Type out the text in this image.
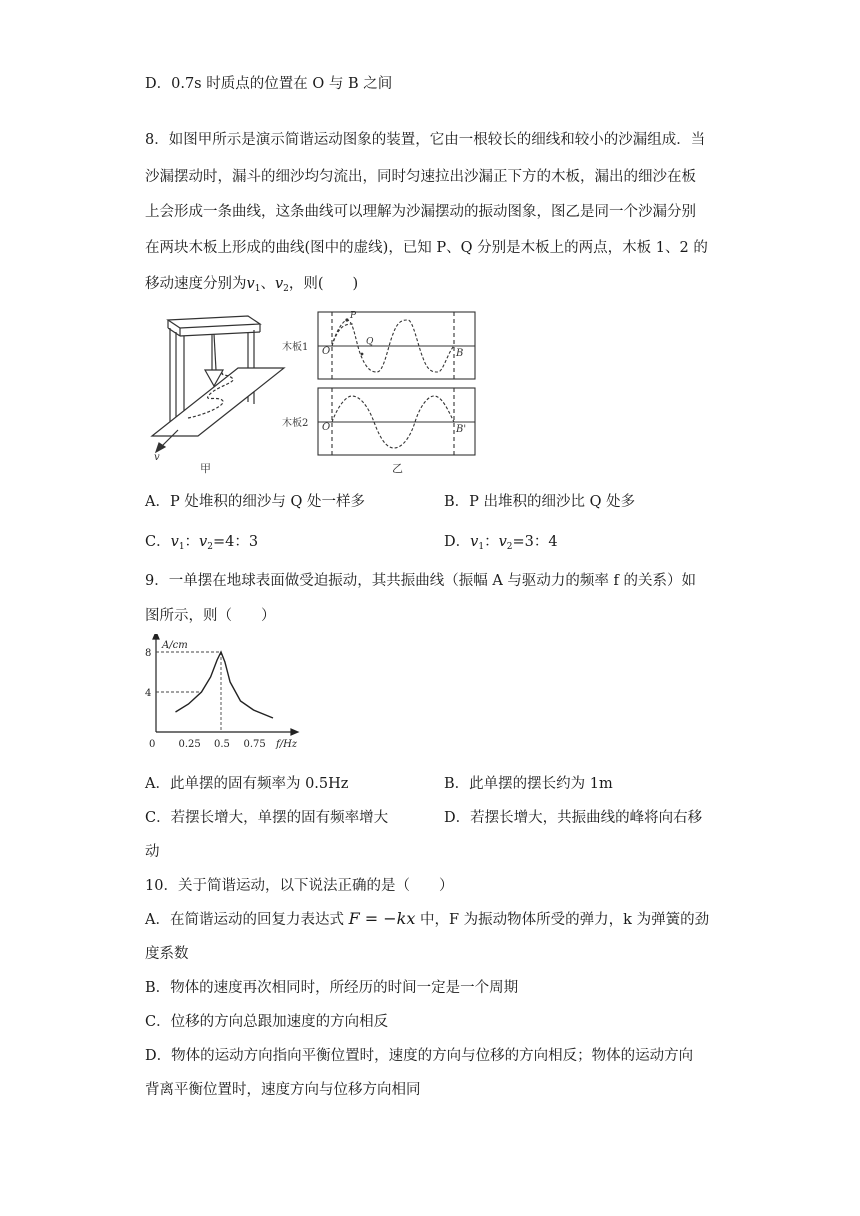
D．0.7s 时质点的位置在 O 与 B 之间
8．如图甲所示是演示简谐运动图象的装置，它由一根较长的细线和较小的沙漏组成．当
沙漏摆动时，漏斗的细沙均匀流出，同时匀速拉出沙漏正下方的木板，漏出的细沙在板
上会形成一条曲线，这条曲线可以理解为沙漏摆动的振动图象，图乙是同一个沙漏分别
在两块木板上形成的曲线(图中的虚线)，已知 P、Q 分别是木板上的两点，木板 1、2 的
移动速度分别为$v_1$、$v_2$，则(　　)
v
甲
木板1
木板2
P
Q
O	B
O	B'
乙
A．P 处堆积的细沙与 Q 处一样多	B．P 出堆积的细沙比 Q 处多
C．$v_1$：$v_2=4$：3	D．$v_1$：$v_2=3$：4
9．一单摆在地球表面做受迫振动，其共振曲线（振幅 A 与驱动力的频率 f 的关系）如
图所示，则（　　）
A/cm
f/Hz
8
4
0 0.25 0.5 0.75
A．此单摆的固有频率为 0.5Hz	B．此单摆的摆长约为 1m
C．若摆长增大，单摆的固有频率增大	D．若摆长增大，共振曲线的峰将向右移
动
10．关于简谐运动，以下说法正确的是（　　）
A．在简谐运动的回复力表达式 F = −kx 中，F 为振动物体所受的弹力，k 为弹簧的劲
度系数
B．物体的速度再次相同时，所经历的时间一定是一个周期
C．位移的方向总跟加速度的方向相反
D．物体的运动方向指向平衡位置时，速度的方向与位移的方向相反；物体的运动方向
背离平衡位置时，速度方向与位移方向相同
